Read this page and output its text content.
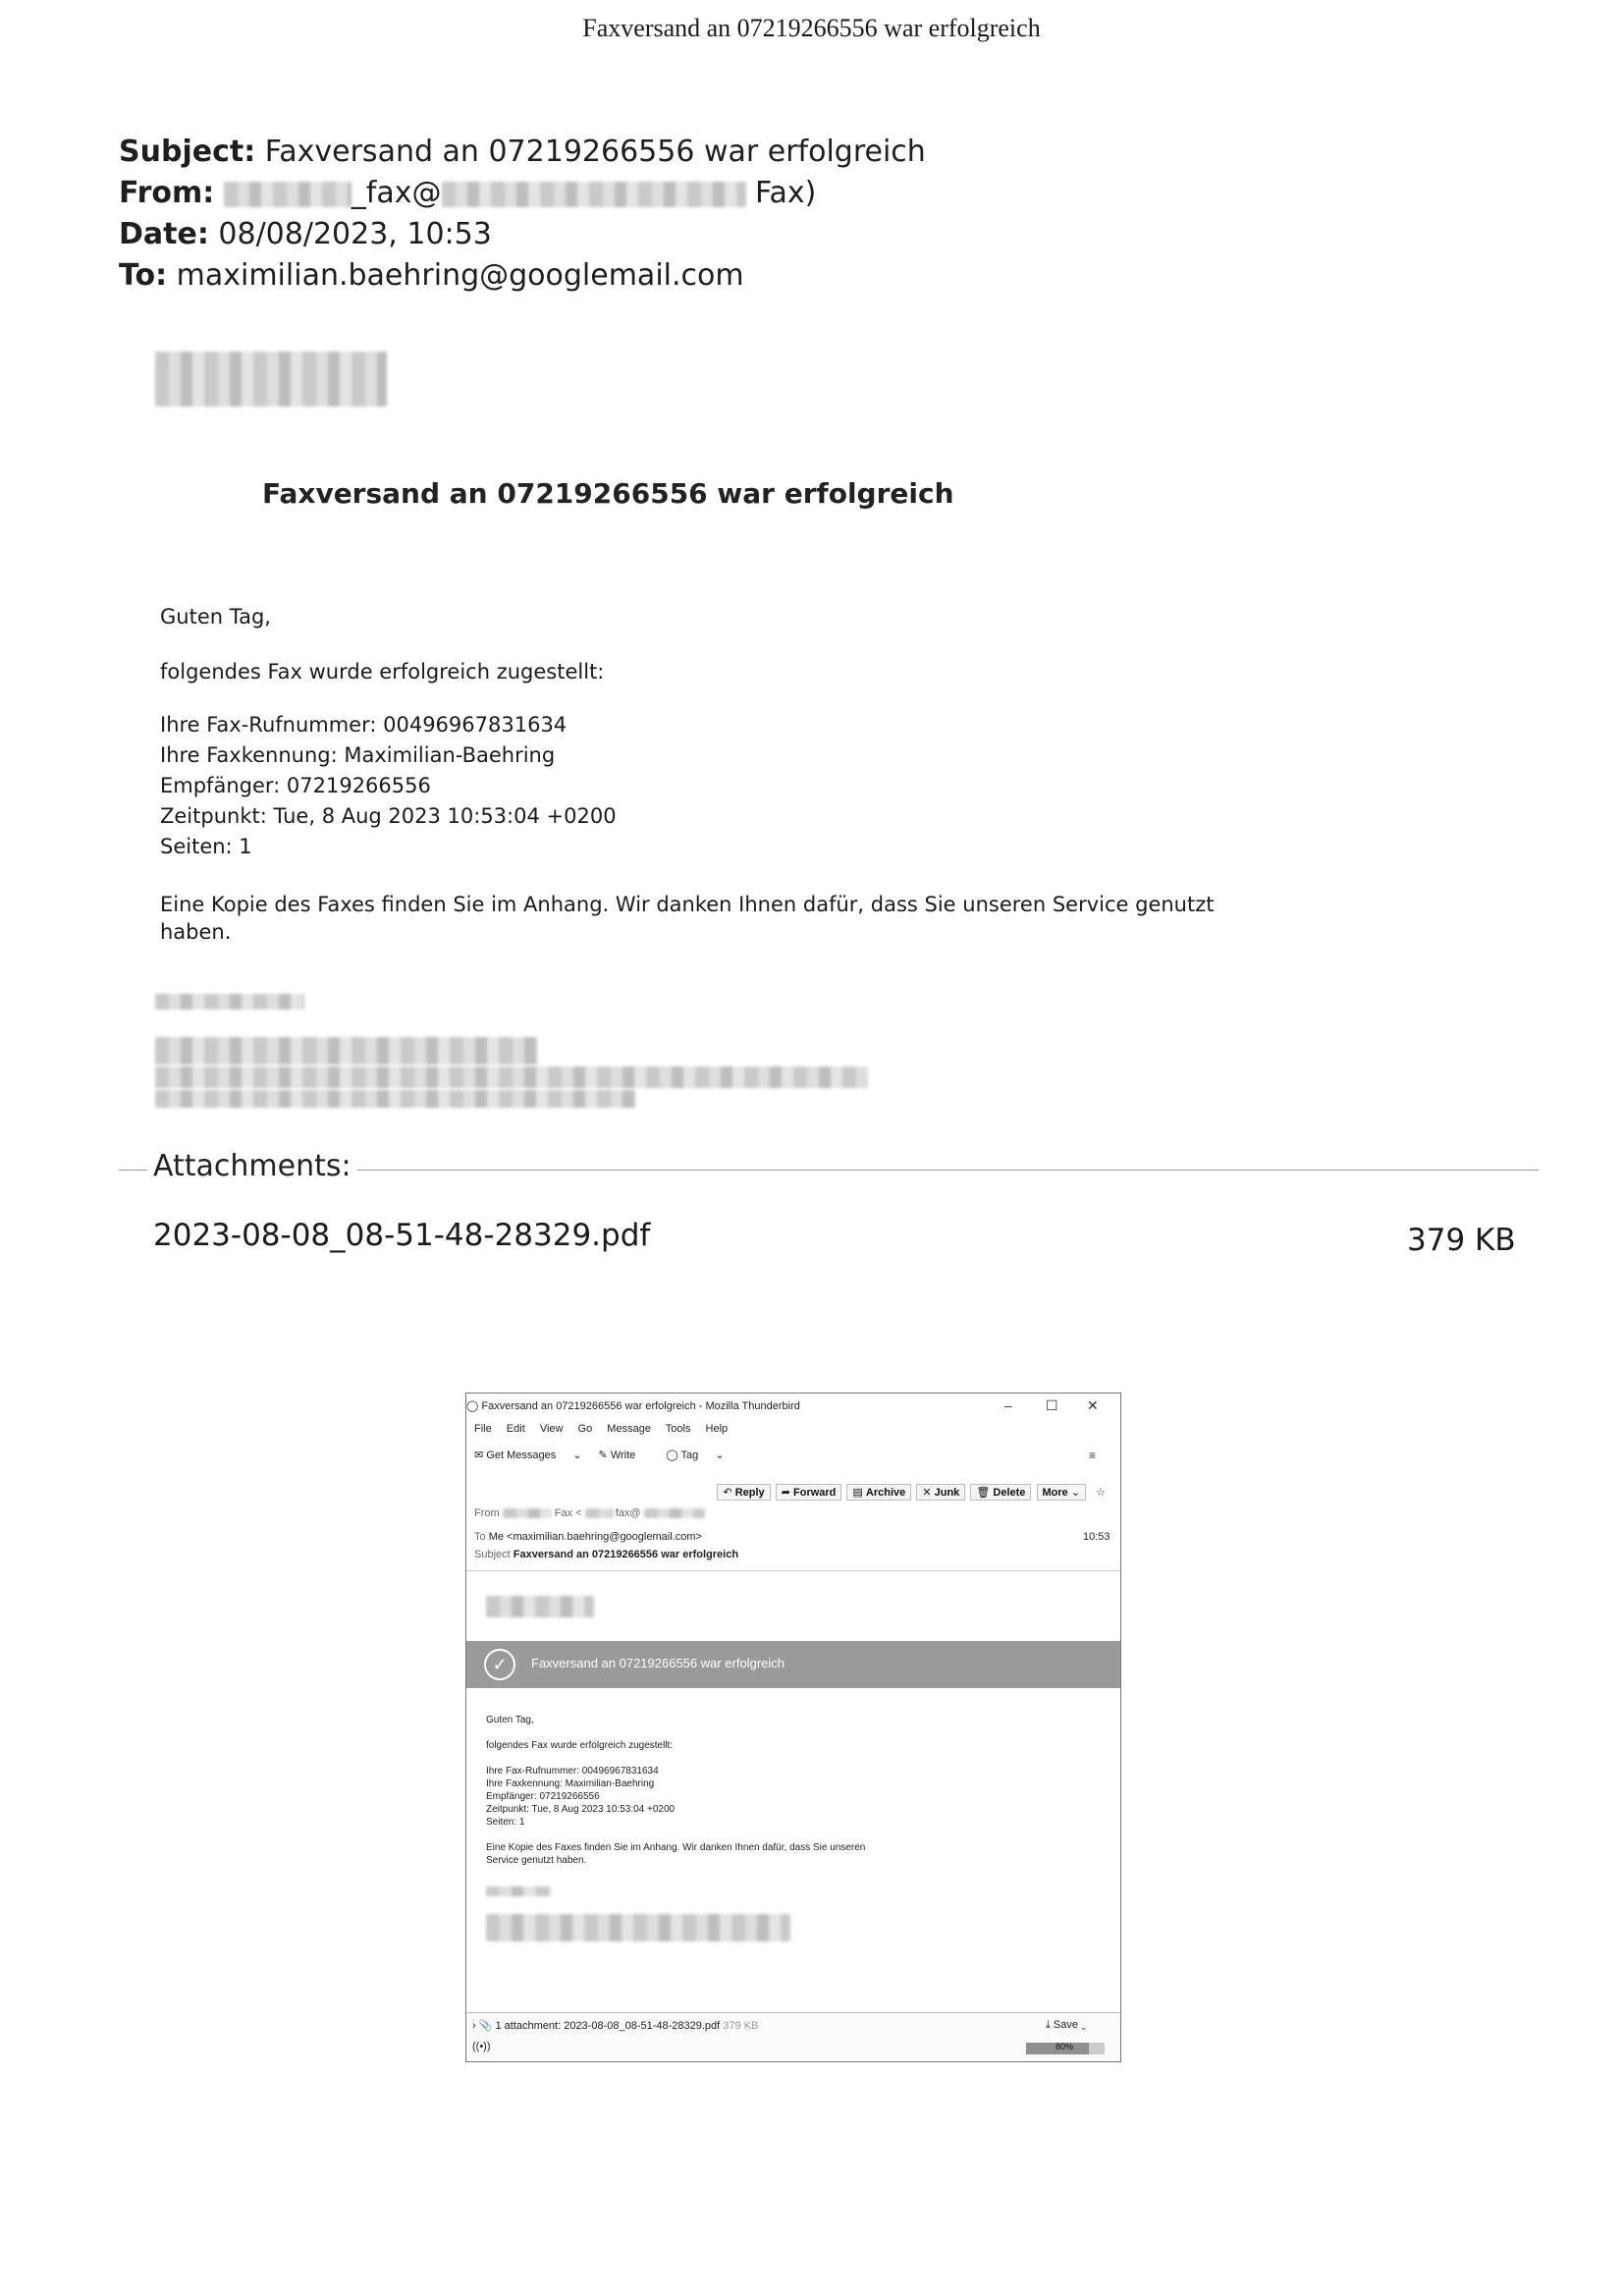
Faxversand an 07219266556 war erfolgreich
Subject: Faxversand an 07219266556 war erfolgreich
From:	_fax@	Fax)
Date: 08/08/2023, 10:53
To: maximilian.baehring@googlemail.com
Faxversand an 07219266556 war erfolgreich
Guten Tag,
folgendes Fax wurde erfolgreich zugestellt:
Ihre Fax-Rufnummer: 00496967831634
Ihre Faxkennung: Maximilian-Baehring
Empfänger: 07219266556
Zeitpunkt: Tue, 8 Aug 2023 10:53:04 +0200
Seiten: 1
Eine Kopie des Faxes finden Sie im Anhang. Wir danken Ihnen dafür, dass Sie unseren Service genutzt
haben.
Attachments:
2023-08-08_08-51-48-28329.pdf	379 KB
◯ Faxversand an 07219266556 war erfolgreich - Mozilla Thunderbird	– ☐ ✕
File Edit View Go Message Tools Help
✉ Get Messages ⌄ ✎ Write	◯ Tag ⌄	≡
↶ Reply ➦ Forward ▤ Archive ✕ Junk 🗑 Delete More ⌄ ☆
From	Fax <	fax@
To Me <maximilian.baehring@googlemail.com>	10:53
Subject Faxversand an 07219266556 war erfolgreich
✓	Faxversand an 07219266556 war erfolgreich
Guten Tag,
folgendes Fax wurde erfolgreich zugestellt:
Ihre Fax-Rufnummer: 00496967831634
Ihre Faxkennung: Maximilian-Baehring
Empfänger: 07219266556
Zeitpunkt: Tue, 8 Aug 2023 10:53:04 +0200
Seiten: 1
Eine Kopie des Faxes finden Sie im Anhang. Wir danken Ihnen dafür, dass Sie unseren
Service genutzt haben.
› 📎 1 attachment: 2023-08-08_08-51-48-28329.pdf 379 KB	⤓ Save ⌄
((•))	80%
